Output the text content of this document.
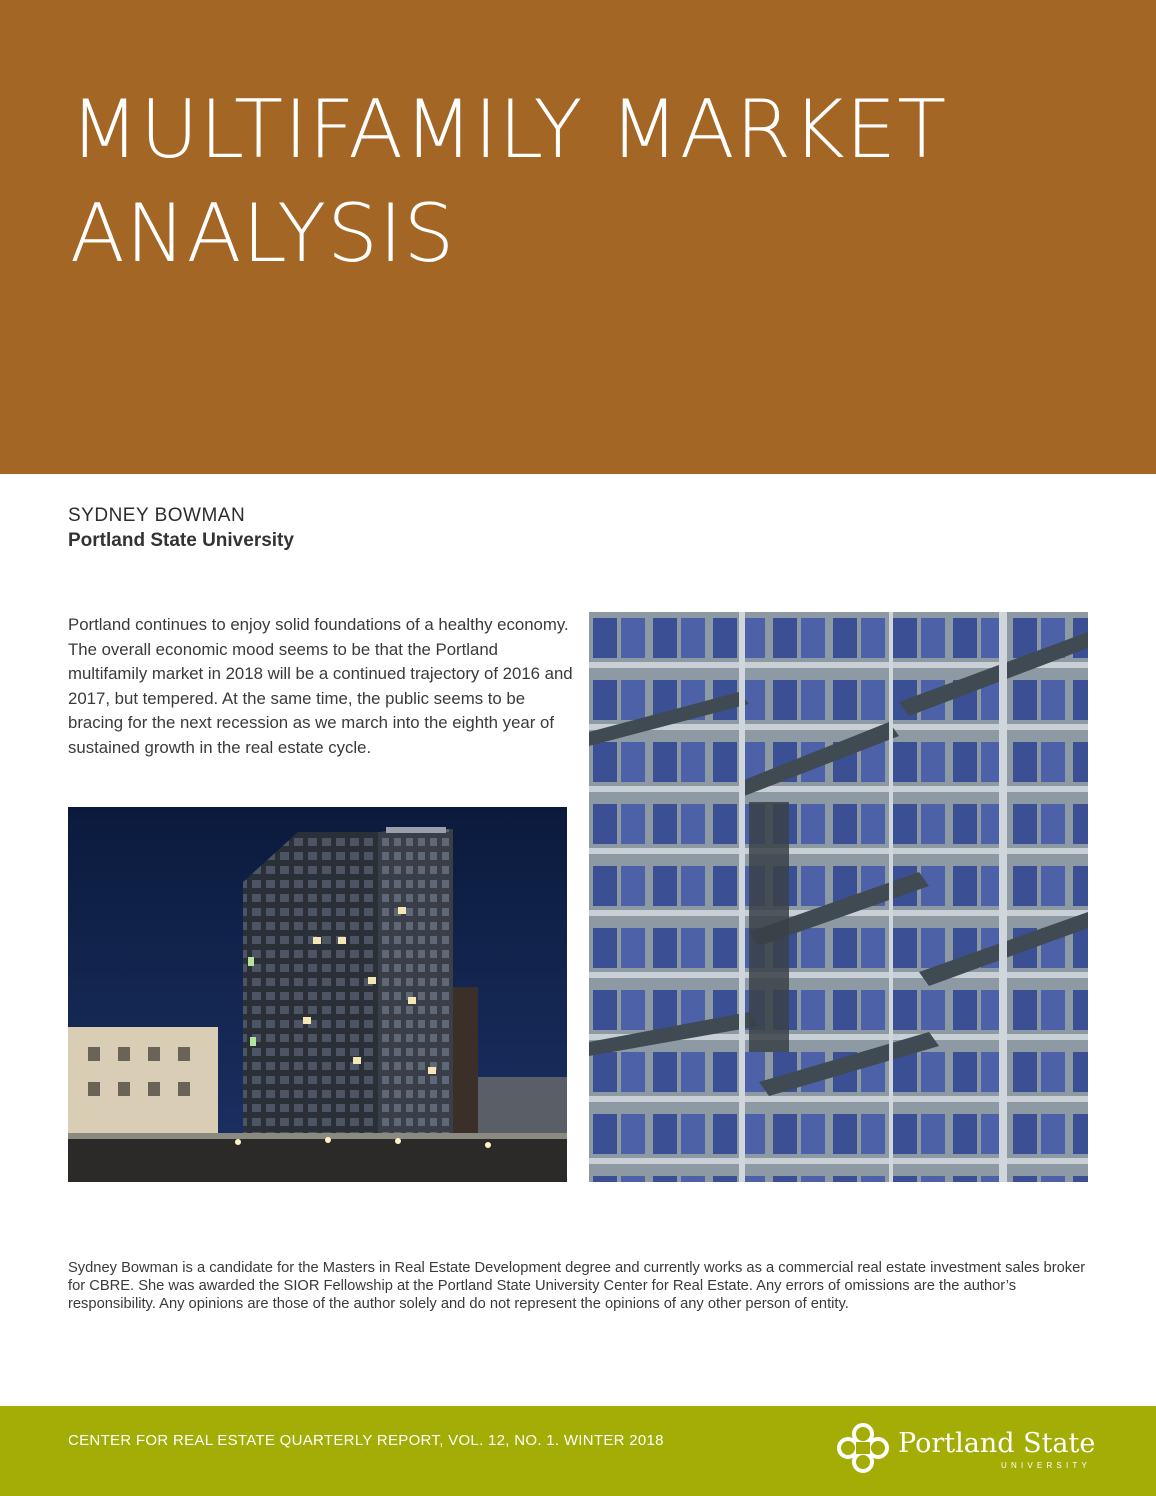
MULTIFAMILY MARKET
ANALYSIS
SYDNEY BOWMAN
Portland State University

Portland continues to enjoy solid foundations of a healthy economy. The overall economic mood seems to be that the Portland multifamily market in 2018 will be a continued trajectory of 2016 and 2017, but tempered. At the same time, the public seems to be bracing for the next recession as we march into the eighth year of sustained growth in the real estate cycle.

Sydney Bowman is a candidate for the Masters in Real Estate Development degree and currently works as a commercial real estate investment sales broker for CBRE. She was awarded the SIOR Fellowship at the Portland State University Center for Real Estate. Any errors of omissions are the author’s responsibility. Any opinions are those of the author solely and do not represent the opinions of any other person of entity.

CENTER FOR REAL ESTATE QUARTERLY REPORT, VOL. 12, NO. 1. WINTER 2018	Portland State
UNIVERSITY
